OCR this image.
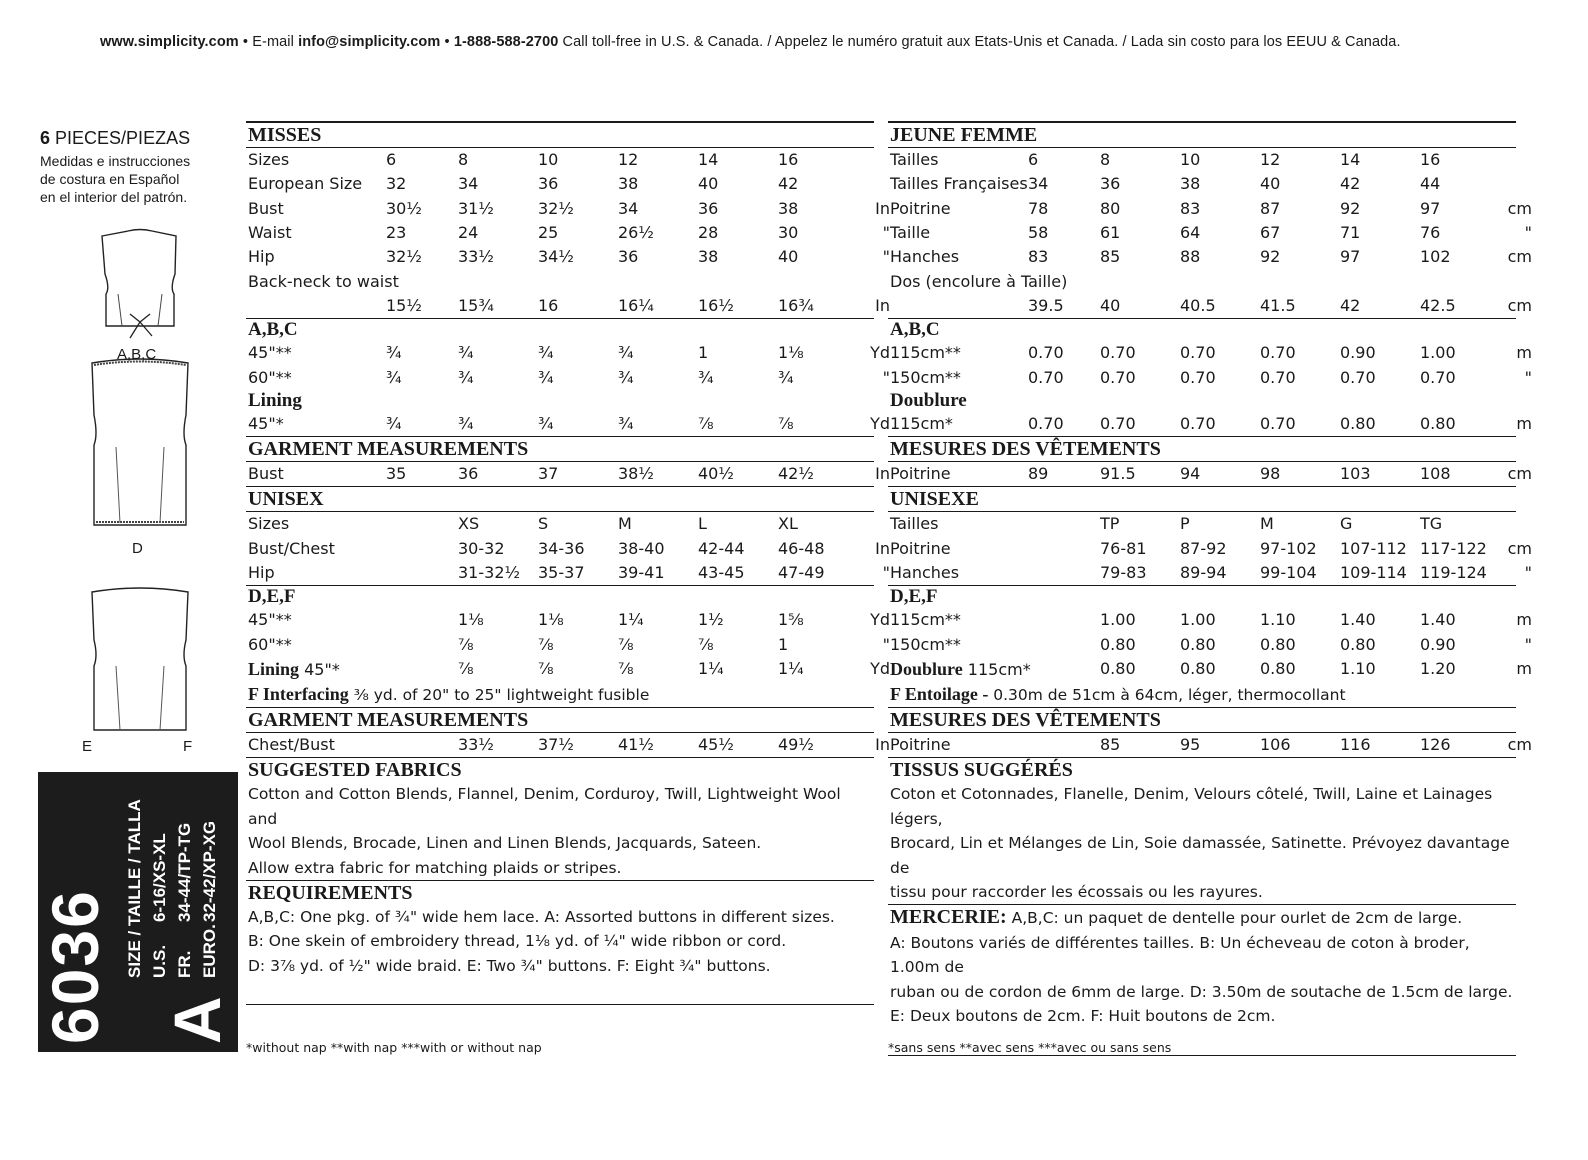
www.simplicity.com • E-mail info@simplicity.com • 1-888-588-2700 Call toll-free in U.S. & Canada. / Appelez le numéro gratuit aux Etats-Unis et Canada. / Lada sin costo para los EEUU & Canada.
6 PIECES/PIEZAS
Medidas e instrucciones
de costura en Español
en el interior del patrón.
A,B,C
D
E	F
6036 SIZE / TAILLE / TALLA U.S.6-16/XS-XL
FR.34-44/TP-TG
EURO.32-42/XP-XG
A
MISSES
Sizes	6	8	10	12	14	16	
European Size	32	34	36	38	40	42	
Bust	30½	31½	32½	34	36	38	In
Waist	23	24	25	26½	28	30	"
Hip	32½	33½	34½	36	38	40	"
Back-neck to waist							
	15½	15¾	16	16¼	16½	16¾	In
A,B,C
45"**	¾	¾	¾	¾	1	1⅛	Yd
60"**	¾	¾	¾	¾	¾	¾	"
Lining
45"*	¾	¾	¾	¾	⅞	⅞	Yd
GARMENT MEASUREMENTS
Bust	35	36	37	38½	40½	42½	In
UNISEX
Sizes		XS	S	M	L	XL	
Bust/Chest		30-32	34-36	38-40	42-44	46-48	In
Hip		31-32½	35-37	39-41	43-45	47-49	"
D,E,F
45"**		1⅛	1⅛	1¼	1½	1⅝	Yd
60"**		⅞	⅞	⅞	⅞	1	"
Lining 45"*		⅞	⅞	⅞	1¼	1¼	Yd
F Interfacing ⅜ yd. of 20" to 25" lightweight fusible
GARMENT MEASUREMENTS
Chest/Bust		33½	37½	41½	45½	49½	In
SUGGESTED FABRICS
Cotton and Cotton Blends, Flannel, Denim, Corduroy, Twill, Lightweight Wool and
Wool Blends, Brocade, Linen and Linen Blends, Jacquards, Sateen.
Allow extra fabric for matching plaids or stripes.
REQUIREMENTS
A,B,C: One pkg. of ¾" wide hem lace. A: Assorted buttons in different sizes.
B: One skein of embroidery thread, 1⅛ yd. of ¼" wide ribbon or cord.
D: 3⅞ yd. of ½" wide braid. E: Two ¾" buttons. F: Eight ¾" buttons.
JEUNE FEMME
Tailles	6	8	10	12	14	16	
Tailles Françaises	34	36	38	40	42	44	
Poitrine	78	80	83	87	92	97	cm
Taille	58	61	64	67	71	76	"
Hanches	83	85	88	92	97	102	cm
Dos (encolure à Taille)							
	39.5	40	40.5	41.5	42	42.5	cm
A,B,C
115cm**	0.70	0.70	0.70	0.70	0.90	1.00	m
150cm**	0.70	0.70	0.70	0.70	0.70	0.70	"
Doublure
115cm*	0.70	0.70	0.70	0.70	0.80	0.80	m
MESURES DES VÊTEMENTS
Poitrine	89	91.5	94	98	103	108	cm
UNISEXE
Tailles		TP	P	M	G	TG	
Poitrine		76-81	87-92	97-102	107-112	117-122	cm
Hanches		79-83	89-94	99-104	109-114	119-124	"
D,E,F
115cm**		1.00	1.00	1.10	1.40	1.40	m
150cm**		0.80	0.80	0.80	0.80	0.90	"
Doublure 115cm*		0.80	0.80	0.80	1.10	1.20	m
F Entoilage - 0.30m de 51cm à 64cm, léger, thermocollant
MESURES DES VÊTEMENTS
Poitrine		85	95	106	116	126	cm
TISSUS SUGGÉRÉS
Coton et Cotonnades, Flanelle, Denim, Velours côtelé, Twill, Laine et Lainages légers,
Brocard, Lin et Mélanges de Lin, Soie damassée, Satinette. Prévoyez davantage de
tissu pour raccorder les écossais ou les rayures.
MERCERIE: A,B,C: un paquet de dentelle pour ourlet de 2cm de large.
A: Boutons variés de différentes tailles. B: Un écheveau de coton à broder, 1.00m de
ruban ou de cordon de 6mm de large. D: 3.50m de soutache de 1.5cm de large.
E: Deux boutons de 2cm. F: Huit boutons de 2cm.
*without nap **with nap ***with or without nap	*sans sens **avec sens ***avec ou sans sens
